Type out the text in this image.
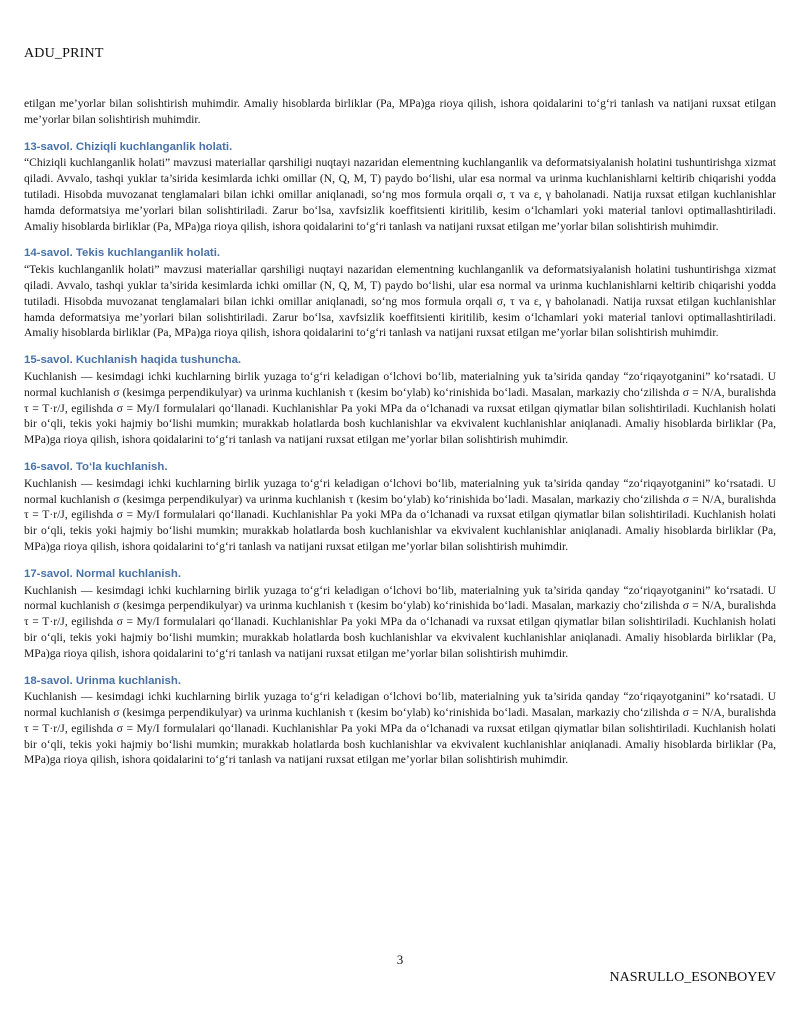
ADU_PRINT

etilgan me’yorlar bilan solishtirish muhimdir. Amaliy hisoblarda birliklar (Pa, MPa)ga rioya qilish, ishora qoidalarini to‘g‘ri tanlash va natijani ruxsat etilgan me’yorlar bilan solishtirish muhimdir.

13-savol. Chiziqli kuchlanganlik holati.

“Chiziqli kuchlanganlik holati” mavzusi materiallar qarshiligi nuqtayi nazaridan elementning kuchlanganlik va deformatsiyalanish holatini tushuntirishga xizmat qiladi. Avvalo, tashqi yuklar ta’sirida kesimlarda ichki omillar (N, Q, M, T) paydo bo‘lishi, ular esa normal va urinma kuchlanishlarni keltirib chiqarishi yodda tutiladi. Hisobda muvozanat tenglamalari bilan ichki omillar aniqlanadi, so‘ng mos formula orqali σ, τ va ε, γ baholanadi. Natija ruxsat etilgan kuchlanishlar hamda deformatsiya me’yorlari bilan solishtiriladi. Zarur bo‘lsa, xavfsizlik koeffitsienti kiritilib, kesim o‘lchamlari yoki material tanlovi optimallashtiriladi. Amaliy hisoblarda birliklar (Pa, MPa)ga rioya qilish, ishora qoidalarini to‘g‘ri tanlash va natijani ruxsat etilgan me’yorlar bilan solishtirish muhimdir.

14-savol. Tekis kuchlanganlik holati.

“Tekis kuchlanganlik holati” mavzusi materiallar qarshiligi nuqtayi nazaridan elementning kuchlanganlik va deformatsiyalanish holatini tushuntirishga xizmat qiladi. Avvalo, tashqi yuklar ta’sirida kesimlarda ichki omillar (N, Q, M, T) paydo bo‘lishi, ular esa normal va urinma kuchlanishlarni keltirib chiqarishi yodda tutiladi. Hisobda muvozanat tenglamalari bilan ichki omillar aniqlanadi, so‘ng mos formula orqali σ, τ va ε, γ baholanadi. Natija ruxsat etilgan kuchlanishlar hamda deformatsiya me’yorlari bilan solishtiriladi. Zarur bo‘lsa, xavfsizlik koeffitsienti kiritilib, kesim o‘lchamlari yoki material tanlovi optimallashtiriladi. Amaliy hisoblarda birliklar (Pa, MPa)ga rioya qilish, ishora qoidalarini to‘g‘ri tanlash va natijani ruxsat etilgan me’yorlar bilan solishtirish muhimdir.

15-savol. Kuchlanish haqida tushuncha.

Kuchlanish — kesimdagi ichki kuchlarning birlik yuzaga to‘g‘ri keladigan o‘lchovi bo‘lib, materialning yuk ta’sirida qanday “zo‘riqayotganini” ko‘rsatadi. U normal kuchlanish σ (kesimga perpendikulyar) va urinma kuchlanish τ (kesim bo‘ylab) ko‘rinishida bo‘ladi. Masalan, markaziy cho‘zilishda σ = N/A, buralishda τ = T·r/J, egilishda σ = My/I formulalari qo‘llanadi. Kuchlanishlar Pa yoki MPa da o‘lchanadi va ruxsat etilgan qiymatlar bilan solishtiriladi. Kuchlanish holati bir o‘qli, tekis yoki hajmiy bo‘lishi mumkin; murakkab holatlarda bosh kuchlanishlar va ekvivalent kuchlanishlar aniqlanadi. Amaliy hisoblarda birliklar (Pa, MPa)ga rioya qilish, ishora qoidalarini to‘g‘ri tanlash va natijani ruxsat etilgan me’yorlar bilan solishtirish muhimdir.

16-savol. To‘la kuchlanish.

Kuchlanish — kesimdagi ichki kuchlarning birlik yuzaga to‘g‘ri keladigan o‘lchovi bo‘lib, materialning yuk ta’sirida qanday “zo‘riqayotganini” ko‘rsatadi. U normal kuchlanish σ (kesimga perpendikulyar) va urinma kuchlanish τ (kesim bo‘ylab) ko‘rinishida bo‘ladi. Masalan, markaziy cho‘zilishda σ = N/A, buralishda τ = T·r/J, egilishda σ = My/I formulalari qo‘llanadi. Kuchlanishlar Pa yoki MPa da o‘lchanadi va ruxsat etilgan qiymatlar bilan solishtiriladi. Kuchlanish holati bir o‘qli, tekis yoki hajmiy bo‘lishi mumkin; murakkab holatlarda bosh kuchlanishlar va ekvivalent kuchlanishlar aniqlanadi. Amaliy hisoblarda birliklar (Pa, MPa)ga rioya qilish, ishora qoidalarini to‘g‘ri tanlash va natijani ruxsat etilgan me’yorlar bilan solishtirish muhimdir.

17-savol. Normal kuchlanish.

Kuchlanish — kesimdagi ichki kuchlarning birlik yuzaga to‘g‘ri keladigan o‘lchovi bo‘lib, materialning yuk ta’sirida qanday “zo‘riqayotganini” ko‘rsatadi. U normal kuchlanish σ (kesimga perpendikulyar) va urinma kuchlanish τ (kesim bo‘ylab) ko‘rinishida bo‘ladi. Masalan, markaziy cho‘zilishda σ = N/A, buralishda τ = T·r/J, egilishda σ = My/I formulalari qo‘llanadi. Kuchlanishlar Pa yoki MPa da o‘lchanadi va ruxsat etilgan qiymatlar bilan solishtiriladi. Kuchlanish holati bir o‘qli, tekis yoki hajmiy bo‘lishi mumkin; murakkab holatlarda bosh kuchlanishlar va ekvivalent kuchlanishlar aniqlanadi. Amaliy hisoblarda birliklar (Pa, MPa)ga rioya qilish, ishora qoidalarini to‘g‘ri tanlash va natijani ruxsat etilgan me’yorlar bilan solishtirish muhimdir.

18-savol. Urinma kuchlanish.

Kuchlanish — kesimdagi ichki kuchlarning birlik yuzaga to‘g‘ri keladigan o‘lchovi bo‘lib, materialning yuk ta’sirida qanday “zo‘riqayotganini” ko‘rsatadi. U normal kuchlanish σ (kesimga perpendikulyar) va urinma kuchlanish τ (kesim bo‘ylab) ko‘rinishida bo‘ladi. Masalan, markaziy cho‘zilishda σ = N/A, buralishda τ = T·r/J, egilishda σ = My/I formulalari qo‘llanadi. Kuchlanishlar Pa yoki MPa da o‘lchanadi va ruxsat etilgan qiymatlar bilan solishtiriladi. Kuchlanish holati bir o‘qli, tekis yoki hajmiy bo‘lishi mumkin; murakkab holatlarda bosh kuchlanishlar va ekvivalent kuchlanishlar aniqlanadi. Amaliy hisoblarda birliklar (Pa, MPa)ga rioya qilish, ishora qoidalarini to‘g‘ri tanlash va natijani ruxsat etilgan me’yorlar bilan solishtirish muhimdir.

3
NASRULLO_ESONBOYEV
